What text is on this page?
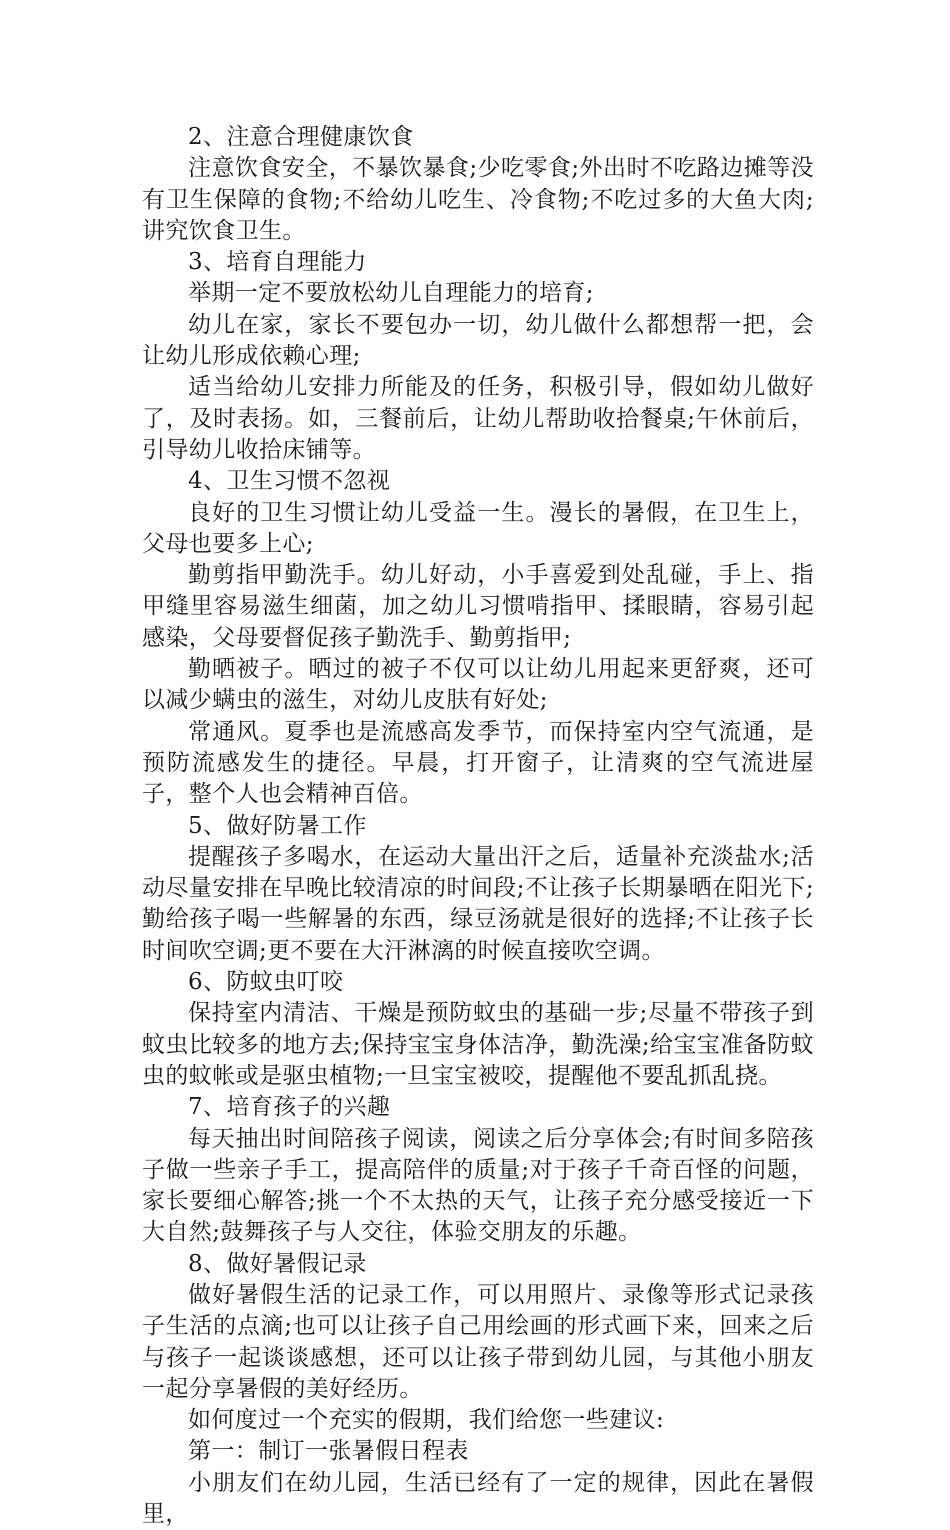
2、注意合理健康饮食

注意饮食安全，不暴饮暴食;少吃零食;外出时不吃路边摊等没有卫生保障的食物;不给幼儿吃生、冷食物;不吃过多的大鱼大肉;讲究饮食卫生。

3、培育自理能力

举期一定不要放松幼儿自理能力的培育;

幼儿在家，家长不要包办一切，幼儿做什么都想帮一把，会让幼儿形成依赖心理;

适当给幼儿安排力所能及的任务，积极引导，假如幼儿做好了，及时表扬。如，三餐前后，让幼儿帮助收拾餐桌;午休前后，引导幼儿收拾床铺等。

4、卫生习惯不忽视

良好的卫生习惯让幼儿受益一生。漫长的暑假，在卫生上，父母也要多上心;

勤剪指甲勤洗手。幼儿好动，小手喜爱到处乱碰，手上、指甲缝里容易滋生细菌，加之幼儿习惯啃指甲、揉眼睛，容易引起感染，父母要督促孩子勤洗手、勤剪指甲;

勤晒被子。晒过的被子不仅可以让幼儿用起来更舒爽，还可以减少螨虫的滋生，对幼儿皮肤有好处;

常通风。夏季也是流感高发季节，而保持室内空气流通，是预防流感发生的捷径。早晨，打开窗子，让清爽的空气流进屋子，整个人也会精神百倍。

5、做好防暑工作

提醒孩子多喝水，在运动大量出汗之后，适量补充淡盐水;活动尽量安排在早晚比较清凉的时间段;不让孩子长期暴晒在阳光下;勤给孩子喝一些解暑的东西，绿豆汤就是很好的选择;不让孩子长时间吹空调;更不要在大汗淋漓的时候直接吹空调。

6、防蚊虫叮咬

保持室内清洁、干燥是预防蚊虫的基础一步;尽量不带孩子到蚊虫比较多的地方去;保持宝宝身体洁净，勤洗澡;给宝宝准备防蚊虫的蚊帐或是驱虫植物;一旦宝宝被咬，提醒他不要乱抓乱挠。

7、培育孩子的兴趣

每天抽出时间陪孩子阅读，阅读之后分享体会;有时间多陪孩子做一些亲子手工，提高陪伴的质量;对于孩子千奇百怪的问题，家长要细心解答;挑一个不太热的天气，让孩子充分感受接近一下大自然;鼓舞孩子与人交往，体验交朋友的乐趣。

8、做好暑假记录

做好暑假生活的记录工作，可以用照片、录像等形式记录孩子生活的点滴;也可以让孩子自己用绘画的形式画下来，回来之后与孩子一起谈谈感想，还可以让孩子带到幼儿园，与其他小朋友一起分享暑假的美好经历。

如何度过一个充实的假期，我们给您一些建议:

第一：制订一张暑假日程表

小朋友们在幼儿园，生活已经有了一定的规律，因此在暑假里，
